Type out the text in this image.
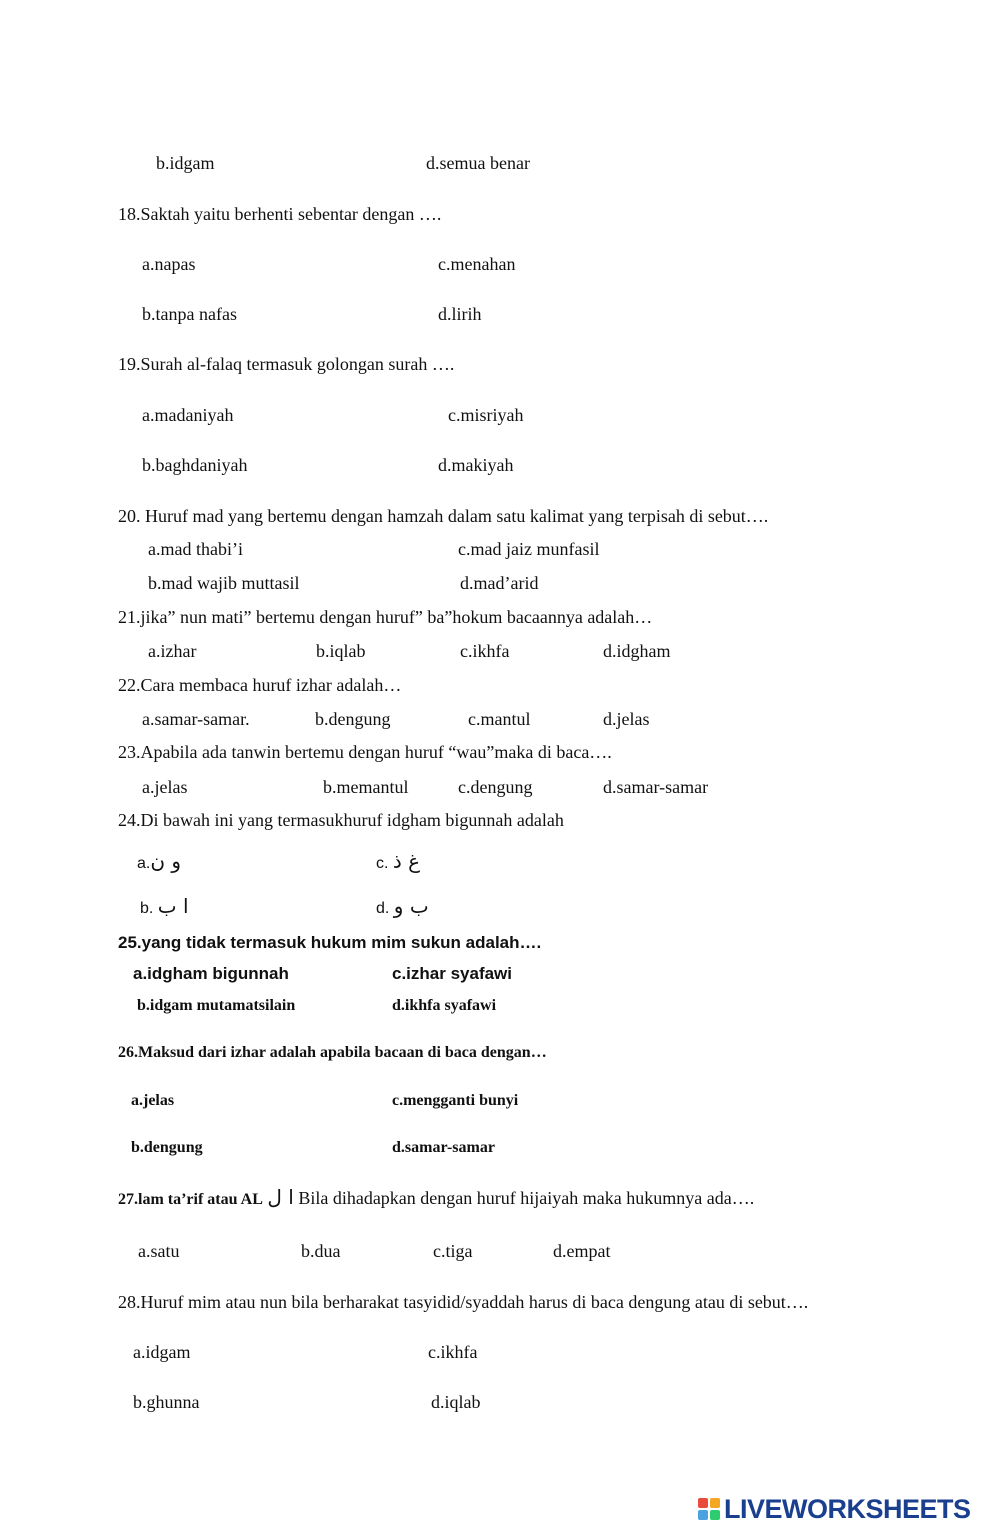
b.idgam	d.semua benar
18.Saktah yaitu berhenti sebentar dengan ….
a.napas	c.menahan
b.tanpa nafas	d.lirih
19.Surah al-falaq termasuk golongan surah ….
a.madaniyah	c.misriyah
b.baghdaniyah	d.makiyah
20. Huruf mad yang bertemu dengan hamzah dalam satu kalimat yang terpisah di sebut….
a.mad thabi’i	c.mad jaiz munfasil
b.mad wajib muttasil	d.mad’arid
21.jika” nun mati” bertemu dengan huruf” ba”hokum bacaannya adalah…
a.izhar	b.iqlab	c.ikhfa	d.idgham
22.Cara membaca huruf izhar adalah…
a.samar-samar.	b.dengung	c.mantul	d.jelas
23.Apabila ada tanwin bertemu dengan huruf “wau”maka di baca….
a.jelas	b.memantul	c.dengung	d.samar-samar
24.Di bawah ini yang termasukhuruf idgham bigunnah adalah
a.و ن	c. غ ذ
b. ا ب	d. ب و
25.yang tidak termasuk hukum mim sukun adalah….
a.idgham bigunnah	c.izhar syafawi
b.idgam mutamatsilain	d.ikhfa syafawi
26.Maksud dari izhar adalah apabila bacaan di baca dengan…
a.jelas	c.mengganti bunyi
b.dengung	d.samar-samar
27.lam ta’rif atau AL ا ل Bila dihadapkan dengan huruf hijaiyah maka hukumnya ada….
a.satu	b.dua	c.tiga	d.empat
28.Huruf mim atau nun bila berharakat tasyidid/syaddah harus di baca dengung atau di sebut….
a.idgam	c.ikhfa
b.ghunna	d.iqlab
LIVEWORKSHEETS
